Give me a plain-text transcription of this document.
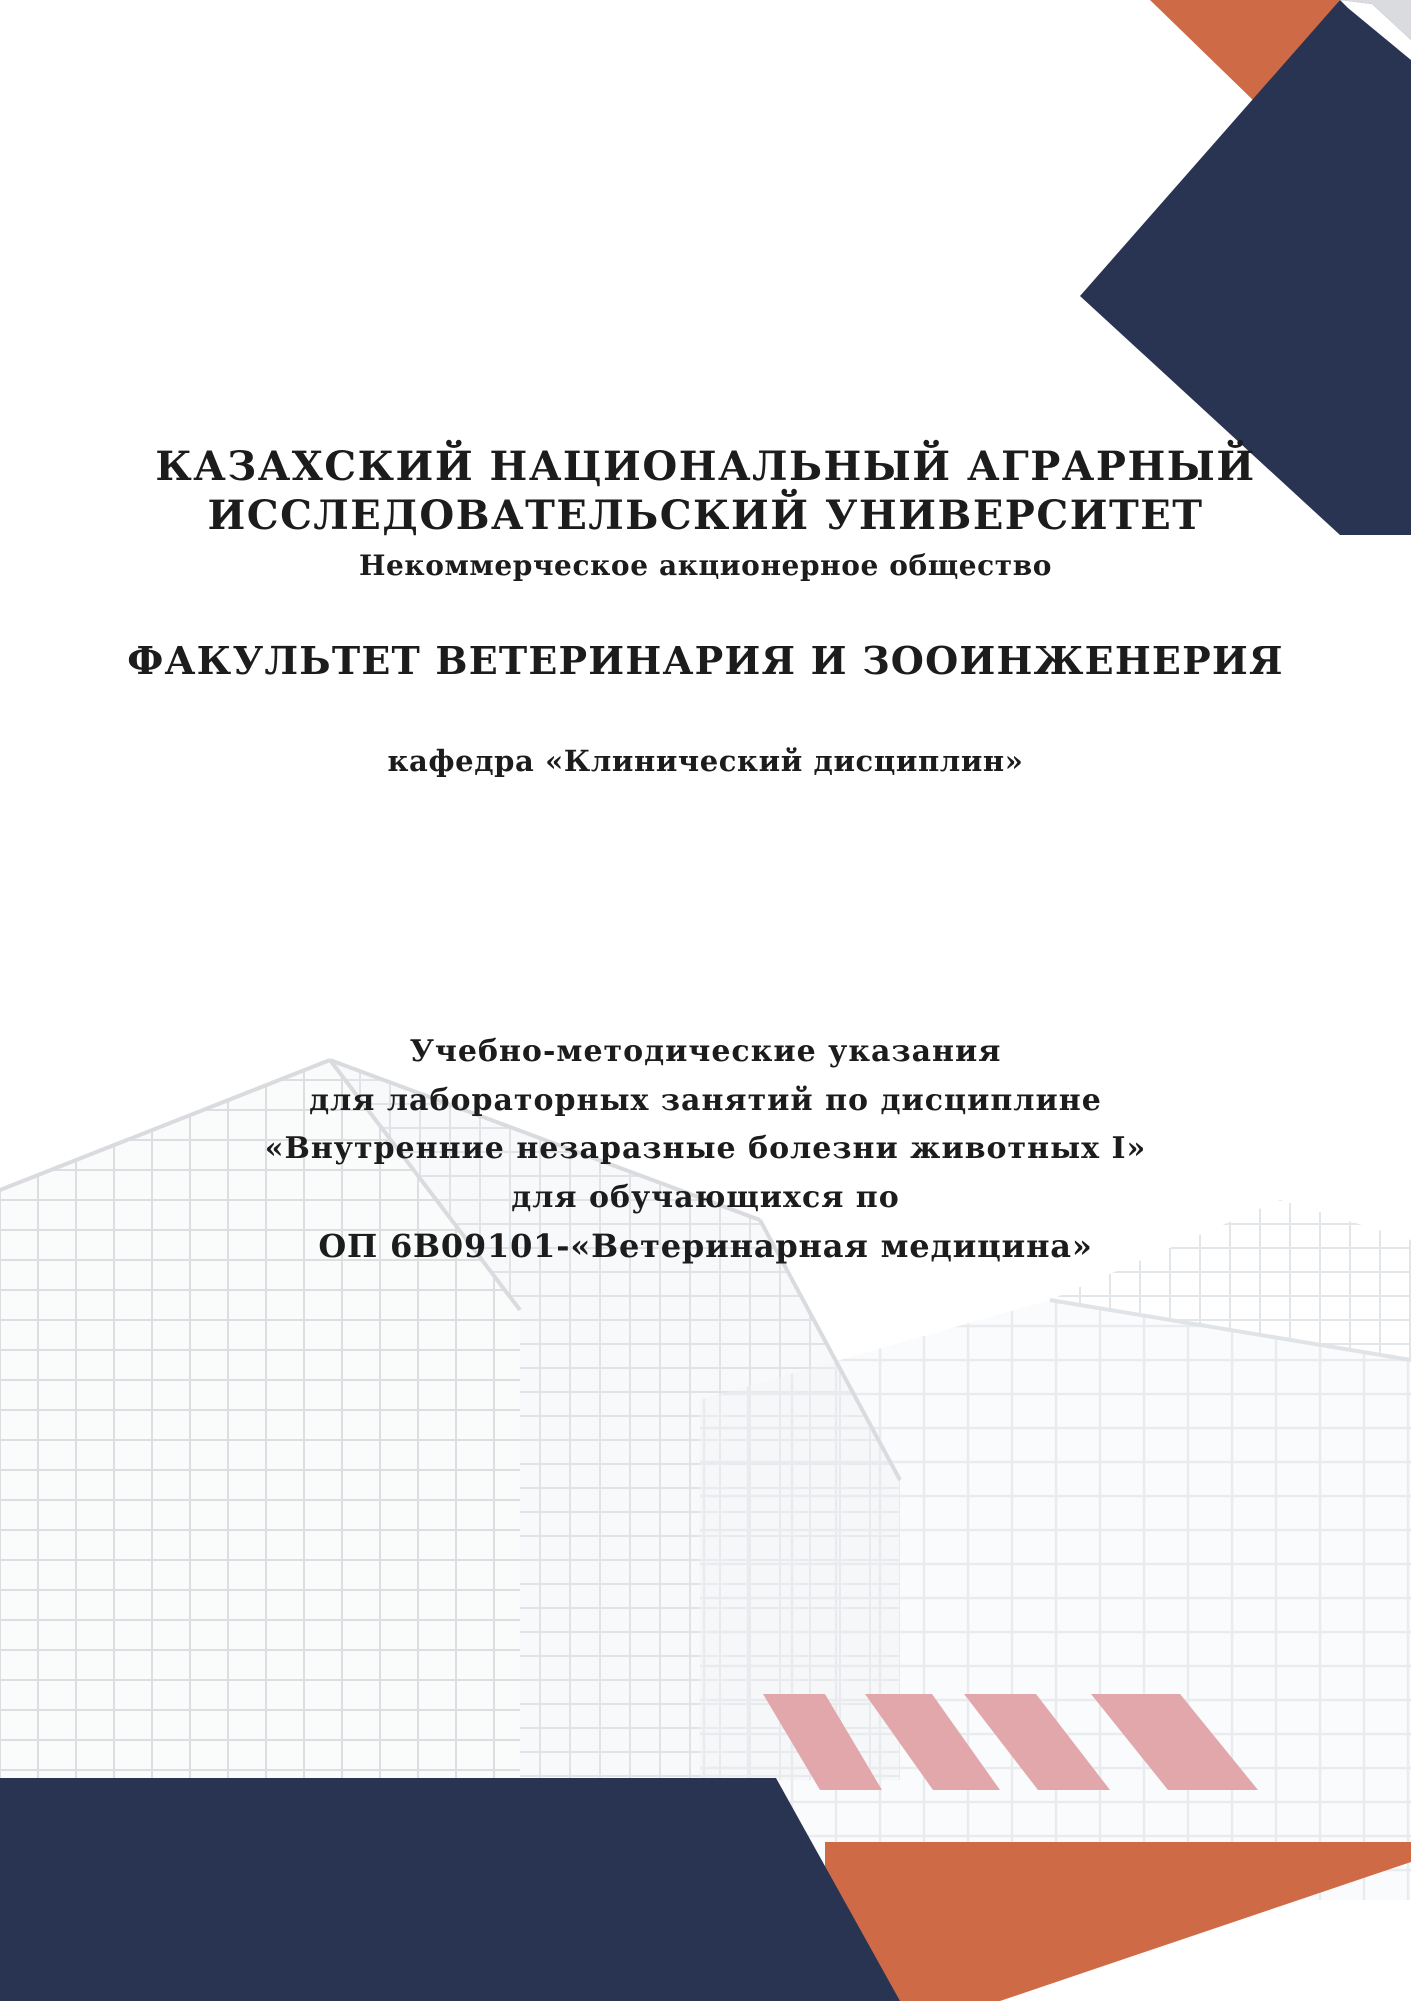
КАЗАХСКИЙ НАЦИОНАЛЬНЫЙ АГРАРНЫЙ
ИССЛЕДОВАТЕЛЬСКИЙ УНИВЕРСИТЕТ
Некоммерческое акционерное общество
ФАКУЛЬТЕТ ВЕТЕРИНАРИЯ И ЗООИНЖЕНЕРИЯ
кафедра «Клинический дисциплин»
Учебно-методические указания
для лабораторных занятий по дисциплине
«Внутренние незаразные болезни животных I»
для обучающихся по
ОП 6В09101-«Ветеринарная медицина»
